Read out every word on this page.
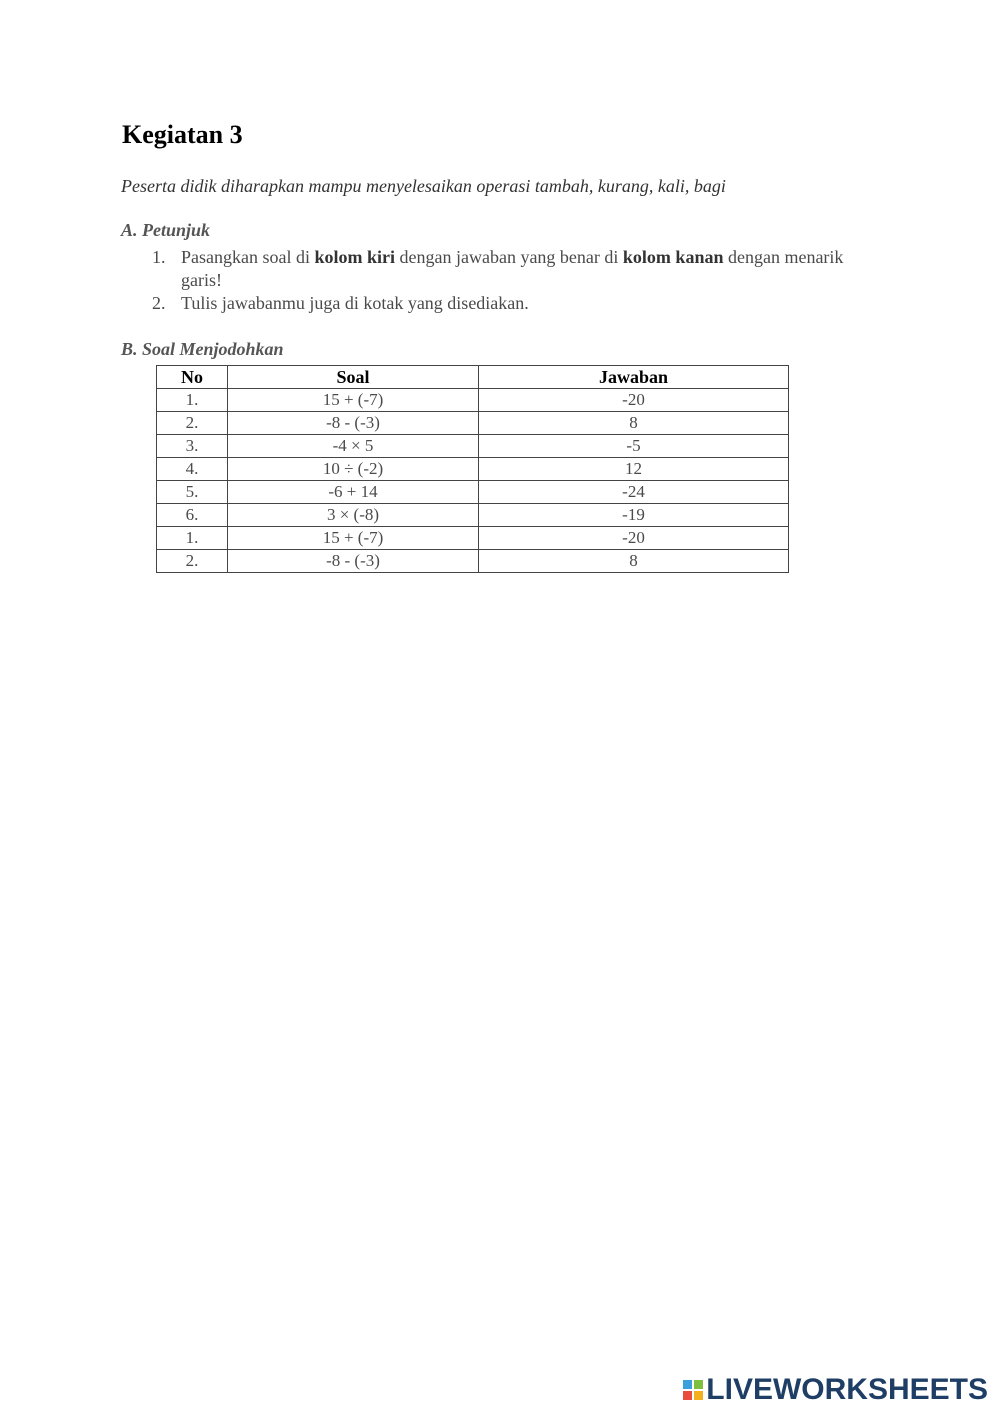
Kegiatan 3

Peserta didik diharapkan mampu menyelesaikan operasi tambah, kurang, kali, bagi

A. Petunjuk
1. Pasangkan soal di kolom kiri dengan jawaban yang benar di kolom kanan dengan menarik garis!
2. Tulis jawabanmu juga di kotak yang disediakan.
B. Soal Menjodohkan
No	Soal	Jawaban
1.	15 + (-7)	-20
2.	-8 - (-3)	8
3.	-4 × 5	-5
4.	10 ÷ (-2)	12
5.	-6 + 14	-24
6.	3 × (-8)	-19
1.	15 + (-7)	-20
2.	-8 - (-3)	8
LIVEWORKSHEETS
